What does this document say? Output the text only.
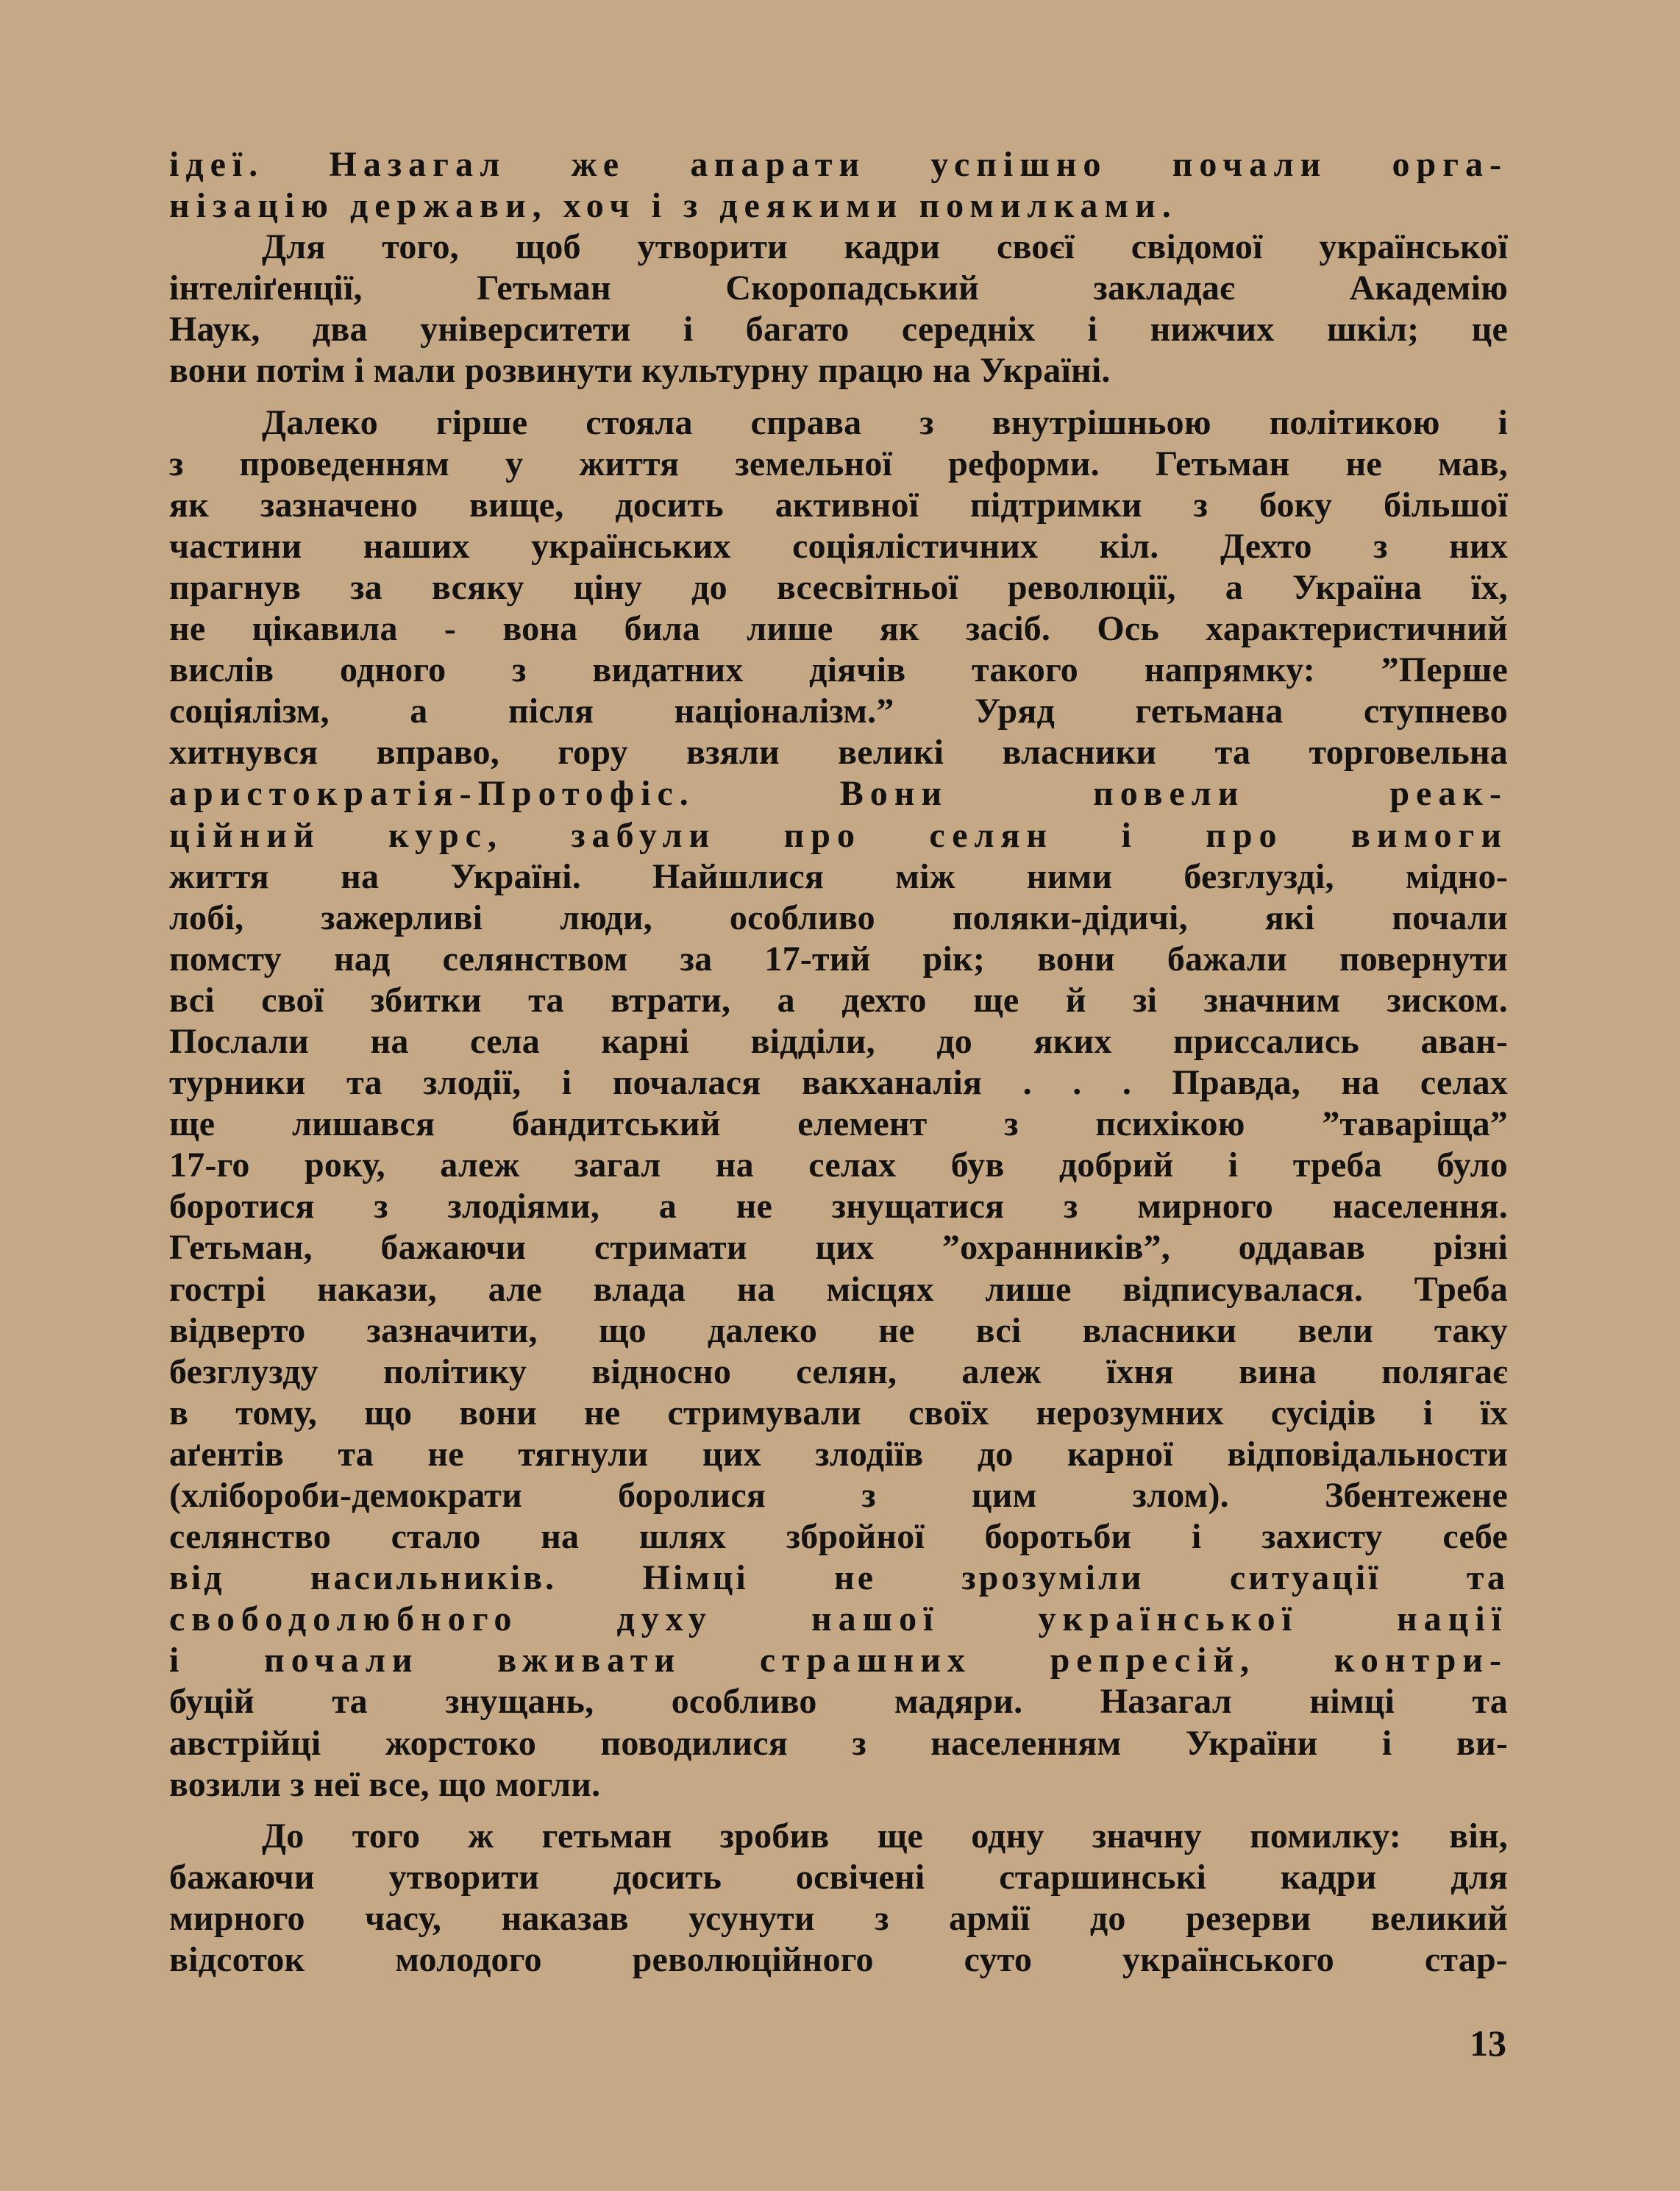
ідеї. Назагал же апарати успішно почали орга-
нізацію держави, хоч і з деякими помилками.
Для того, щоб утворити кадри своєї свідомої української
інтеліґенції, Гетьман Скоропадський закладає Академію
Наук, два університети і багато середніх і нижчих шкіл; це
вони потім і мали розвинути культурну працю на Україні.
Далеко гірше стояла справа з внутрішньою політикою і
з проведенням у життя земельної реформи. Гетьман не мав,
як зазначено вище, досить активної підтримки з боку більшої
частини наших українських соціялістичних кіл. Дехто з них
прагнув за всяку ціну до всесвітньої революції, а Україна їх,
не цікавила - вона била лише як засіб. Ось характеристичний
вислів одного з видатних діячів такого напрямку: ”Перше
соціялізм, а після націоналізм.” Уряд гетьмана ступнево
хитнувся вправо, гору взяли великі власники та торговельна
аристократія-Протофіс. Вони повели реак-
ційний курс, забули про селян і про вимоги
життя на Україні. Найшлися між ними безглузді, мідно-
лобі, зажерливі люди, особливо поляки-дідичі, які почали
помсту над селянством за 17-тий рік; вони бажали повернути
всі свої збитки та втрати, а дехто ще й зі значним зиском.
Послали на села карні відділи, до яких приссались аван-
турники та злодії, і почалася вакханалія . . . Правда, на селах
ще лишався бандитський елемент з психікою ”таваріща”
17-го року, алеж загал на селах був добрий і треба було
боротися з злодіями, а не знущатися з мирного населення.
Гетьман, бажаючи стримати цих ”охранників”, оддавав різні
гострі накази, але влада на місцях лише відписувалася. Треба
відверто зазначити, що далеко не всі власники вели таку
безглузду політику відносно селян, алеж їхня вина полягає
в тому, що вони не стримували своїх нерозумних сусідів і їх
аґентів та не тягнули цих злодіїв до карної відповідальности
(хлібороби-демократи боролися з цим злом). Збентежене
селянство стало на шлях збройної боротьби і захисту себе
від насильників. Німці не зрозуміли ситуації та
свободолюбного духу нашої української нації
і почали вживати страшних репресій, контри-
буцій та знущань, особливо мадяри. Назагал німці та
австрійці жорстоко поводилися з населенням України і ви-
возили з неї все, що могли.
До того ж гетьман зробив ще одну значну помилку: він,
бажаючи утворити досить освічені старшинські кадри для
мирного часу, наказав усунути з армії до резерви великий
відсоток молодого революційного суто українського стар-
13
